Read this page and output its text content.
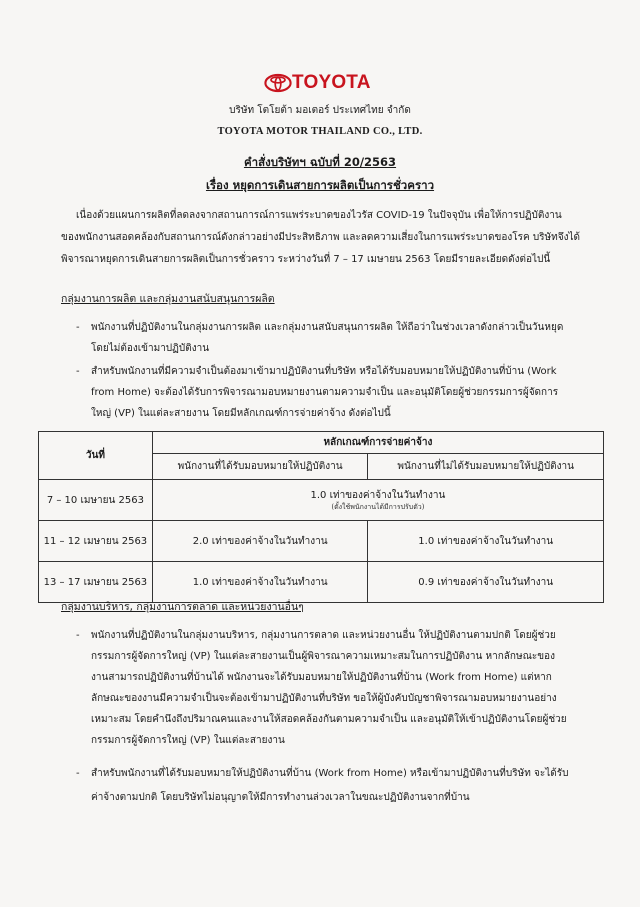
TOYOTA
บริษัท โตโยต้า มอเตอร์ ประเทศไทย จำกัด
TOYOTA MOTOR THAILAND CO., LTD.
คำสั่งบริษัทฯ ฉบับที่ 20/2563
เรื่อง หยุดการเดินสายการผลิตเป็นการชั่วคราว
เนื่องด้วยแผนการผลิตที่ลดลงจากสถานการณ์การแพร่ระบาดของไวรัส COVID-19 ในปัจจุบัน เพื่อให้การปฏิบัติงาน
ของพนักงานสอดคล้องกับสถานการณ์ดังกล่าวอย่างมีประสิทธิภาพ และลดความเสี่ยงในการแพร่ระบาดของโรค บริษัทจึงได้
พิจารณาหยุดการเดินสายการผลิตเป็นการชั่วคราว ระหว่างวันที่ 7 – 17 เมษายน 2563 โดยมีรายละเอียดดังต่อไปนี้
กลุ่มงานการผลิต และกลุ่มงานสนับสนุนการผลิต
- พนักงานที่ปฏิบัติงานในกลุ่มงานการผลิต และกลุ่มงานสนับสนุนการผลิต ให้ถือว่าในช่วงเวลาดังกล่าวเป็นวันหยุด
โดยไม่ต้องเข้ามาปฏิบัติงาน
- สำหรับพนักงานที่มีความจำเป็นต้องมาเข้ามาปฏิบัติงานที่บริษัท หรือได้รับมอบหมายให้ปฏิบัติงานที่บ้าน (Work
from Home) จะต้องได้รับการพิจารณามอบหมายงานตามความจำเป็น และอนุมัติโดยผู้ช่วยกรรมการผู้จัดการ
ใหญ่ (VP) ในแต่ละสายงาน โดยมีหลักเกณฑ์การจ่ายค่าจ้าง ดังต่อไปนี้
วันที่	หลักเกณฑ์การจ่ายค่าจ้าง	
	พนักงานที่ได้รับมอบหมายให้ปฏิบัติงาน	พนักงานที่ไม่ได้รับมอบหมายให้ปฏิบัติงาน
7 – 10 เมษายน 2563	1.0 เท่าของค่าจ้างในวันทำงาน
(ตั้งใช้พนักงานได้มีการปรับตัว)	

11 – 12 เมษายน 2563	2.0 เท่าของค่าจ้างในวันทำงาน	1.0 เท่าของค่าจ้างในวันทำงาน
13 – 17 เมษายน 2563	1.0 เท่าของค่าจ้างในวันทำงาน	0.9 เท่าของค่าจ้างในวันทำงาน
กลุ่มงานบริหาร, กลุ่มงานการตลาด และหน่วยงานอื่นๆ
- พนักงานที่ปฏิบัติงานในกลุ่มงานบริหาร, กลุ่มงานการตลาด และหน่วยงานอื่น ให้ปฏิบัติงานตามปกติ โดยผู้ช่วย
กรรมการผู้จัดการใหญ่ (VP) ในแต่ละสายงานเป็นผู้พิจารณาความเหมาะสมในการปฏิบัติงาน หากลักษณะของ
งานสามารถปฏิบัติงานที่บ้านได้ พนักงานจะได้รับมอบหมายให้ปฏิบัติงานที่บ้าน (Work from Home) แต่หาก
ลักษณะของงานมีความจำเป็นจะต้องเข้ามาปฏิบัติงานที่บริษัท ขอให้ผู้บังคับบัญชาพิจารณามอบหมายงานอย่าง
เหมาะสม โดยคำนึงถึงปริมาณคนและงานให้สอดคล้องกันตามความจำเป็น และอนุมัติให้เข้าปฏิบัติงานโดยผู้ช่วย
กรรมการผู้จัดการใหญ่ (VP) ในแต่ละสายงาน
- สำหรับพนักงานที่ได้รับมอบหมายให้ปฏิบัติงานที่บ้าน (Work from Home) หรือเข้ามาปฏิบัติงานที่บริษัท จะได้รับ
ค่าจ้างตามปกติ โดยบริษัทไม่อนุญาตให้มีการทำงานล่วงเวลาในขณะปฏิบัติงานจากที่บ้าน
